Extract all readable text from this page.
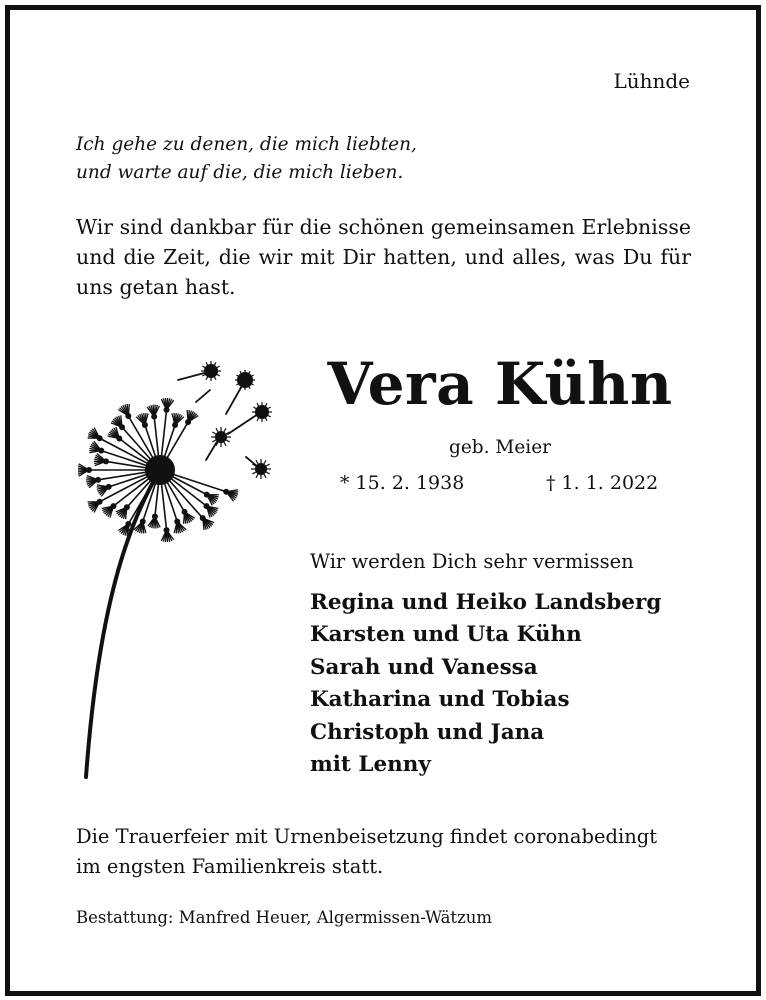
Lühnde
Ich gehe zu denen, die mich liebten,
und warte auf die, die mich lieben.

Wir sind dankbar für die schönen gemeinsamen Erlebnisse und die Zeit, die wir mit Dir hatten, und alles, was Du für uns getan hast.

Vera Kühn
geb. Meier
* 15. 2. 1938	† 1. 1. 2022
Wir werden Dich sehr vermissen
Regina und Heiko Landsberg
Karsten und Uta Kühn
Sarah und Vanessa
Katharina und Tobias
Christoph und Jana
mit Lenny
Die Trauerfeier mit Urnenbeisetzung findet coronabedingt
im engsten Familienkreis statt.
Bestattung: Manfred Heuer, Algermissen-Wätzum
